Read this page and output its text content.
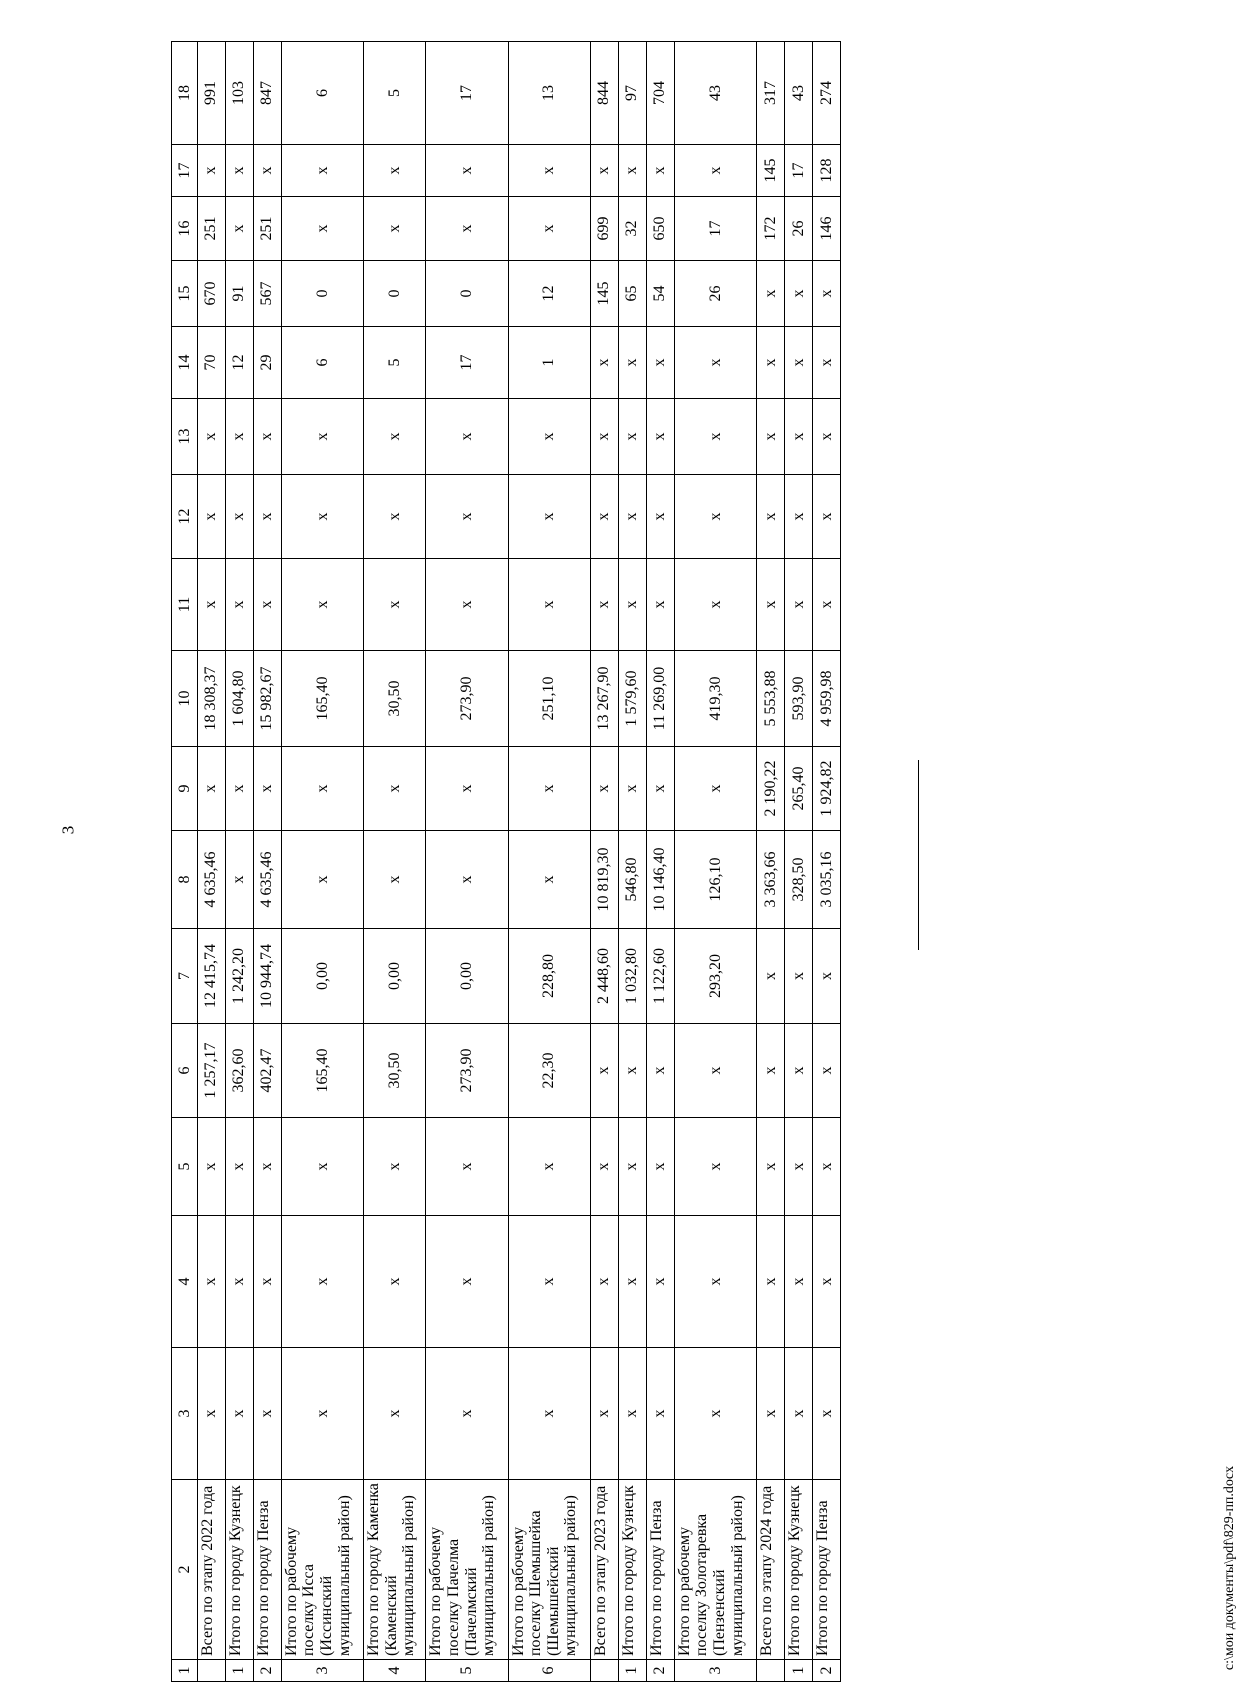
3
1	2	3	4	5	6	7	8	9	10	11	12	13	14	15	16	17	18
	Всего по этапу 2022 года	x	x	x	1 257,17	12 415,74	4 635,46	x	18 308,37	x	x	x	70	670	251	x	991
1	Итого по городу Кузнецк	x	x	x	362,60	1 242,20	x	x	1 604,80	x	x	x	12	91	x	x	103
2	Итого по городу Пенза	x	x	x	402,47	10 944,74	4 635,46	x	15 982,67	x	x	x	29	567	251	x	847
3	Итого по рабочему поселку Исса (Иссинский муниципальный район)	x	x	x	165,40	0,00	x	x	165,40	x	x	x	6	0	x	x	6
4	Итого по городу Каменка (Каменский муниципальный район)	x	x	x	30,50	0,00	x	x	30,50	x	x	x	5	0	x	x	5
5	Итого по рабочему поселку Пачелма (Пачелмский муниципальный район)	x	x	x	273,90	0,00	x	x	273,90	x	x	x	17	0	x	x	17
6	Итого по рабочему поселку Шемышейка (Шемышейский муниципальный район)	x	x	x	22,30	228,80	x	x	251,10	x	x	x	1	12	x	x	13
	Всего по этапу 2023 года	x	x	x	x	2 448,60	10 819,30	x	13 267,90	x	x	x	x	145	699	x	844
1	Итого по городу Кузнецк	x	x	x	x	1 032,80	546,80	x	1 579,60	x	x	x	x	65	32	x	97
2	Итого по городу Пенза	x	x	x	x	1 122,60	10 146,40	x	11 269,00	x	x	x	x	54	650	x	704
3	Итого по рабочему поселку Золотаревка (Пензенский муниципальный район)	x	x	x	x	293,20	126,10	x	419,30	x	x	x	x	26	17	x	43
	Всего по этапу 2024 года	x	x	x	x	x	3 363,66	2 190,22	5 553,88	x	x	x	x	x	172	145	317
1	Итого по городу Кузнецк	x	x	x	x	x	328,50	265,40	593,90	x	x	x	x	x	26	17	43
2	Итого по городу Пенза	x	x	x	x	x	3 035,16	1 924,82	4 959,98	x	x	x	x	x	146	128	274
c:\мои документы\pdf\829-пп.docx
